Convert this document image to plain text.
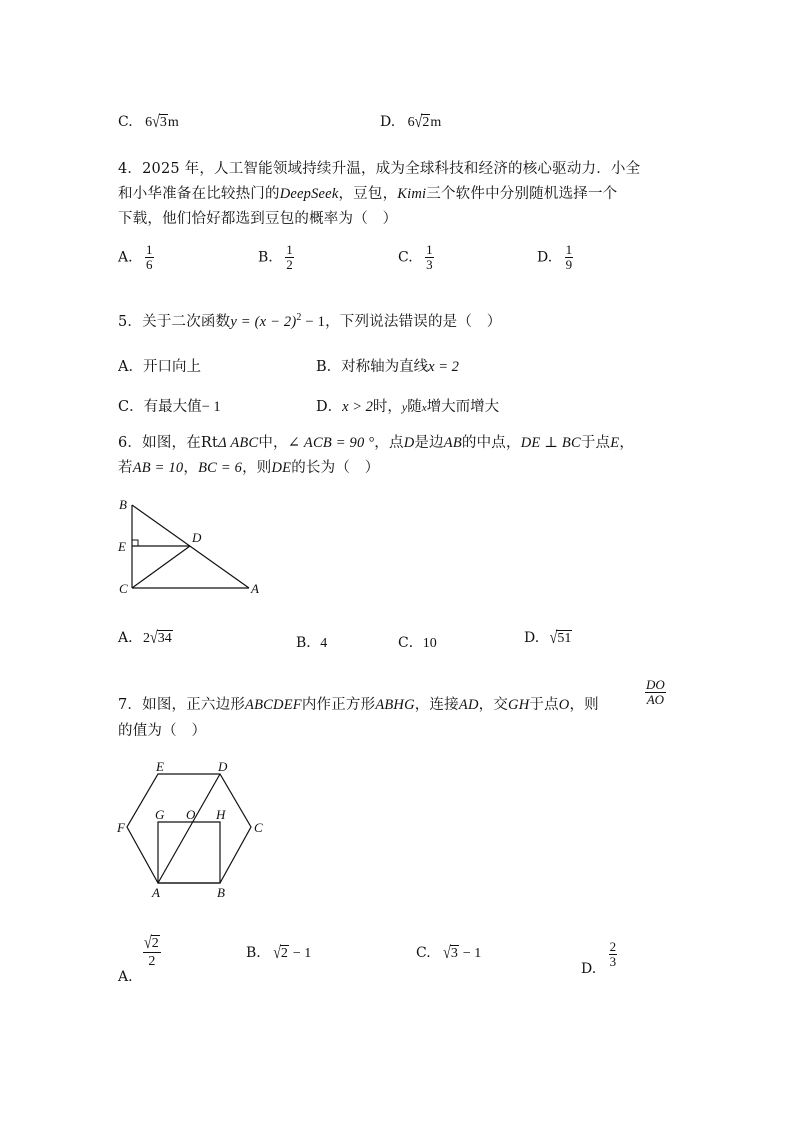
C. 6√3m	D. 6√2m
4．2025 年，人工智能领域持续升温，成为全球科技和经济的核心驱动力．小全
和小华准备在比较热门的DeepSeek，豆包，Kimi三个软件中分别随机选择一个
下载，他们恰好都选到豆包的概率为（　）
A. $\frac{1}{6}$	B. $\frac{1}{2}$	C. $\frac{1}{3}$	D. $\frac{1}{9}$
5．关于二次函数$y = (x - 2)^2 - 1$，下列说法错误的是（　）
A．开口向上	B．对称轴为直线x = 2
C．有最大值− 1	D．x > 2时，y随x增大而增大
6．如图，在RtΔ ABC中，∠ ACB = 90 °，点D是边AB的中点，DE ⊥ BC于点E，
若AB = 10，BC = 6，则DE的长为（　）
B
E
D
C	A
A. 2√34	B．4	C．10	D. √51
7．如图，正六边形ABCDEF内作正方形ABHG，连接AD，交GH于点O，则	$\frac{DO}{AO}$
的值为（　）
E	D
G O H
F	C
A	B
A.
$\frac{√2}{2}$	B. √2 − 1	C. √3 − 1
D. $\frac{2}{3}$
